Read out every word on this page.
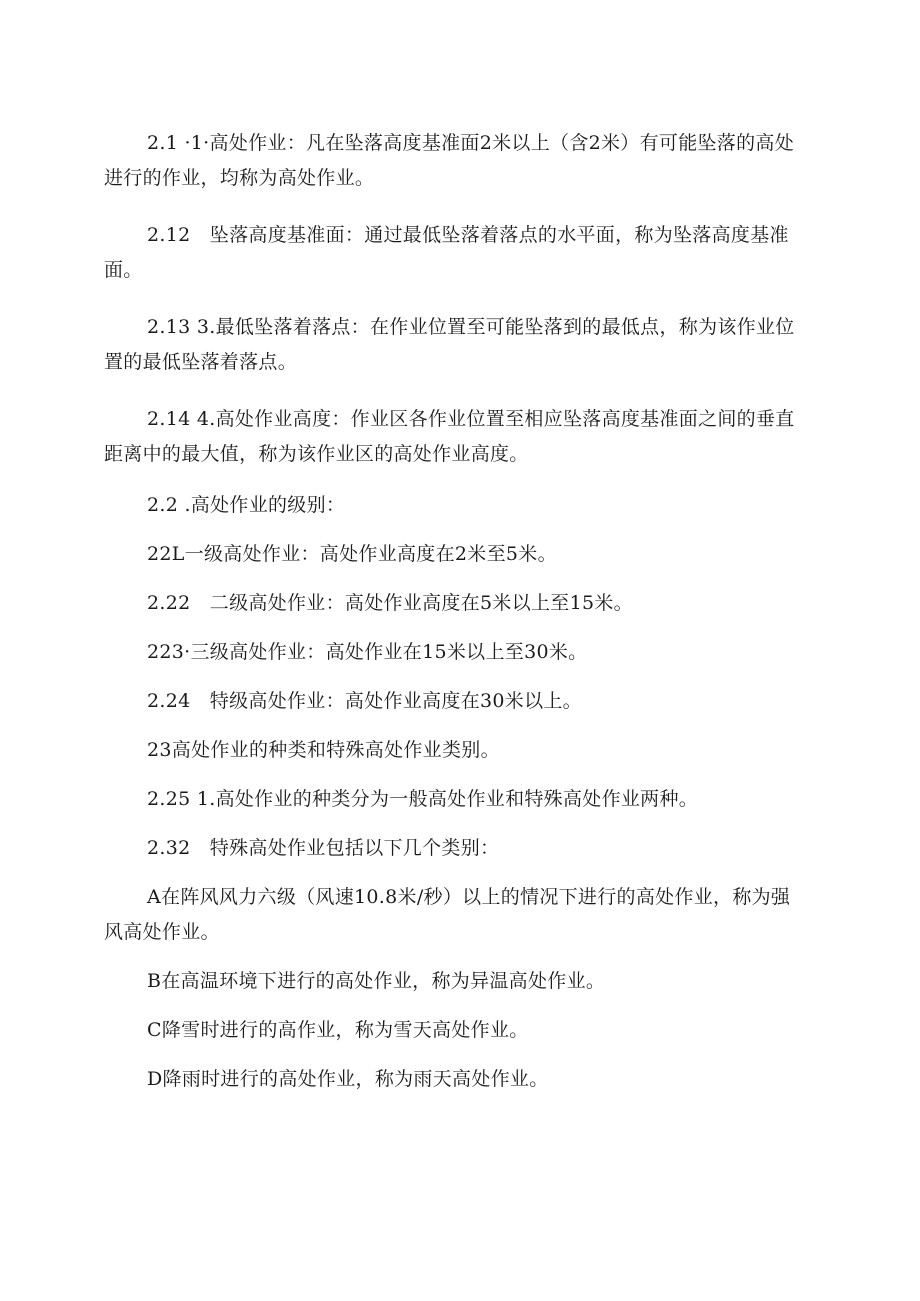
2.1 ·1·高处作业：凡在坠落高度基准面2米以上（含2米）有可能坠落的高处
进行的作业，均称为高处作业。

2.12　坠落高度基准面：通过最低坠落着落点的水平面，称为坠落高度基准
面。

2.13 3.最低坠落着落点：在作业位置至可能坠落到的最低点，称为该作业位
置的最低坠落着落点。

2.14 4.高处作业高度：作业区各作业位置至相应坠落高度基准面之间的垂直
距离中的最大值，称为该作业区的高处作业高度。

2.2 .高处作业的级别：

22L一级高处作业：高处作业高度在2米至5米。

2.22　二级高处作业：高处作业高度在5米以上至15米。

223·三级高处作业：高处作业在15米以上至30米。

2.24　特级高处作业：高处作业高度在30米以上。

23高处作业的种类和特殊高处作业类别。

2.25 1.高处作业的种类分为一般高处作业和特殊高处作业两种。

2.32　特殊高处作业包括以下几个类别：

A在阵风风力六级（风速10.8米/秒）以上的情况下进行的高处作业，称为强
风高处作业。

B在高温环境下进行的高处作业，称为异温高处作业。

C降雪时进行的高作业，称为雪天高处作业。

D降雨时进行的高处作业，称为雨天高处作业。
